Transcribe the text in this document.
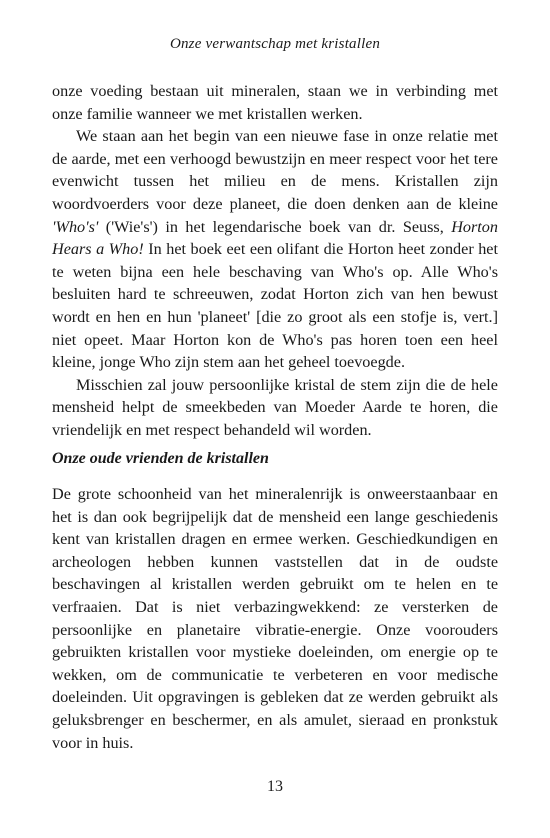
Onze verwantschap met kristallen

onze voeding bestaan uit mineralen, staan we in verbinding met onze familie wanneer we met kristallen werken.

We staan aan het begin van een nieuwe fase in onze relatie met de aarde, met een verhoogd bewustzijn en meer respect voor het tere evenwicht tussen het milieu en de mens. Kristallen zijn woordvoerders voor deze planeet, die doen denken aan de kleine 'Who's' ('Wie's') in het legendarische boek van dr. Seuss, Horton Hears a Who! In het boek eet een olifant die Horton heet zonder het te weten bijna een hele beschaving van Who's op. Alle Who's besluiten hard te schreeuwen, zodat Horton zich van hen bewust wordt en hen en hun 'planeet' [die zo groot als een stofje is, vert.] niet opeet. Maar Horton kon de Who's pas horen toen een heel kleine, jonge Who zijn stem aan het geheel toevoegde.

Misschien zal jouw persoonlijke kristal de stem zijn die de hele mensheid helpt de smeekbeden van Moeder Aarde te horen, die vriendelijk en met respect behandeld wil worden.

Onze oude vrienden de kristallen

De grote schoonheid van het mineralenrijk is onweerstaanbaar en het is dan ook begrijpelijk dat de mensheid een lange geschiedenis kent van kristallen dragen en ermee werken. Geschiedkundigen en archeologen hebben kunnen vaststellen dat in de oudste beschavingen al kristallen werden gebruikt om te helen en te verfraaien. Dat is niet verbazingwekkend: ze versterken de persoonlijke en planetaire vibratie-energie. Onze voorouders gebruikten kristallen voor mystieke doeleinden, om energie op te wekken, om de communicatie te verbeteren en voor medische doeleinden. Uit opgravingen is gebleken dat ze werden gebruikt als geluksbrenger en beschermer, en als amulet, sieraad en pronkstuk voor in huis.

13
